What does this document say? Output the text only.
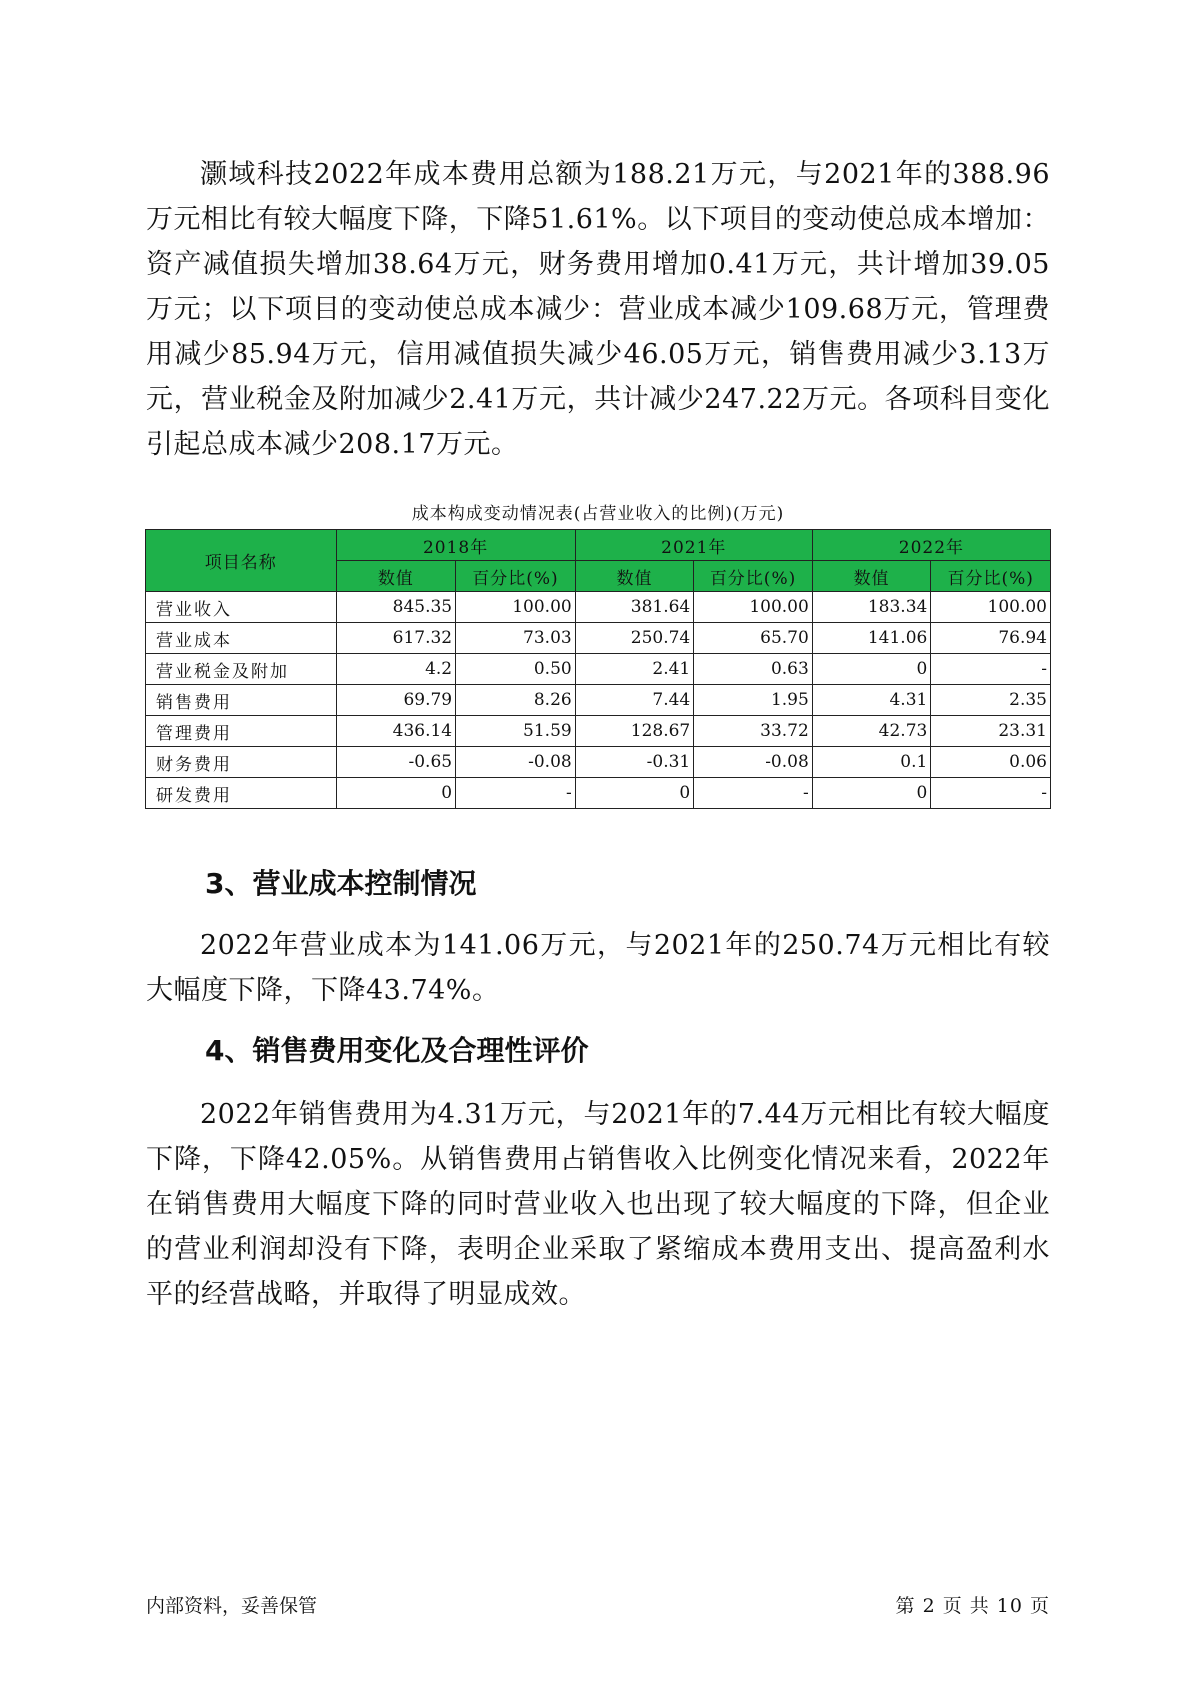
灏域科技2022年成本费用总额为188.21万元，与2021年的388.96万元相比有较大幅度下降，下降51.61%。以下项目的变动使总成本增加：资产减值损失增加38.64万元，财务费用增加0.41万元，共计增加39.05万元；以下项目的变动使总成本减少：营业成本减少109.68万元，管理费用减少85.94万元，信用减值损失减少46.05万元，销售费用减少3.13万元，营业税金及附加减少2.41万元，共计减少247.22万元。各项科目变化引起总成本减少208.17万元。

成本构成变动情况表(占营业收入的比例)(万元)
项目名称	2018年		2021年		2022年	
	数值	百分比(%)	数值	百分比(%)	数值	百分比(%)
营业收入	845.35	100.00	381.64	100.00	183.34	100.00
营业成本	617.32	73.03	250.74	65.70	141.06	76.94
营业税金及附加	4.2	0.50	2.41	0.63	0	-
销售费用	69.79	8.26	7.44	1.95	4.31	2.35
管理费用	436.14	51.59	128.67	33.72	42.73	23.31
财务费用	-0.65	-0.08	-0.31	-0.08	0.1	0.06
研发费用	0	-	0	-	0	-
3、营业成本控制情况

2022年营业成本为141.06万元，与2021年的250.74万元相比有较大幅度下降，下降43.74%。

4、销售费用变化及合理性评价

2022年销售费用为4.31万元，与2021年的7.44万元相比有较大幅度下降，下降42.05%。从销售费用占销售收入比例变化情况来看，2022年在销售费用大幅度下降的同时营业收入也出现了较大幅度的下降，但企业的营业利润却没有下降，表明企业采取了紧缩成本费用支出、提高盈利水平的经营战略，并取得了明显成效。

内部资料，妥善保管	第 2 页 共 10 页
